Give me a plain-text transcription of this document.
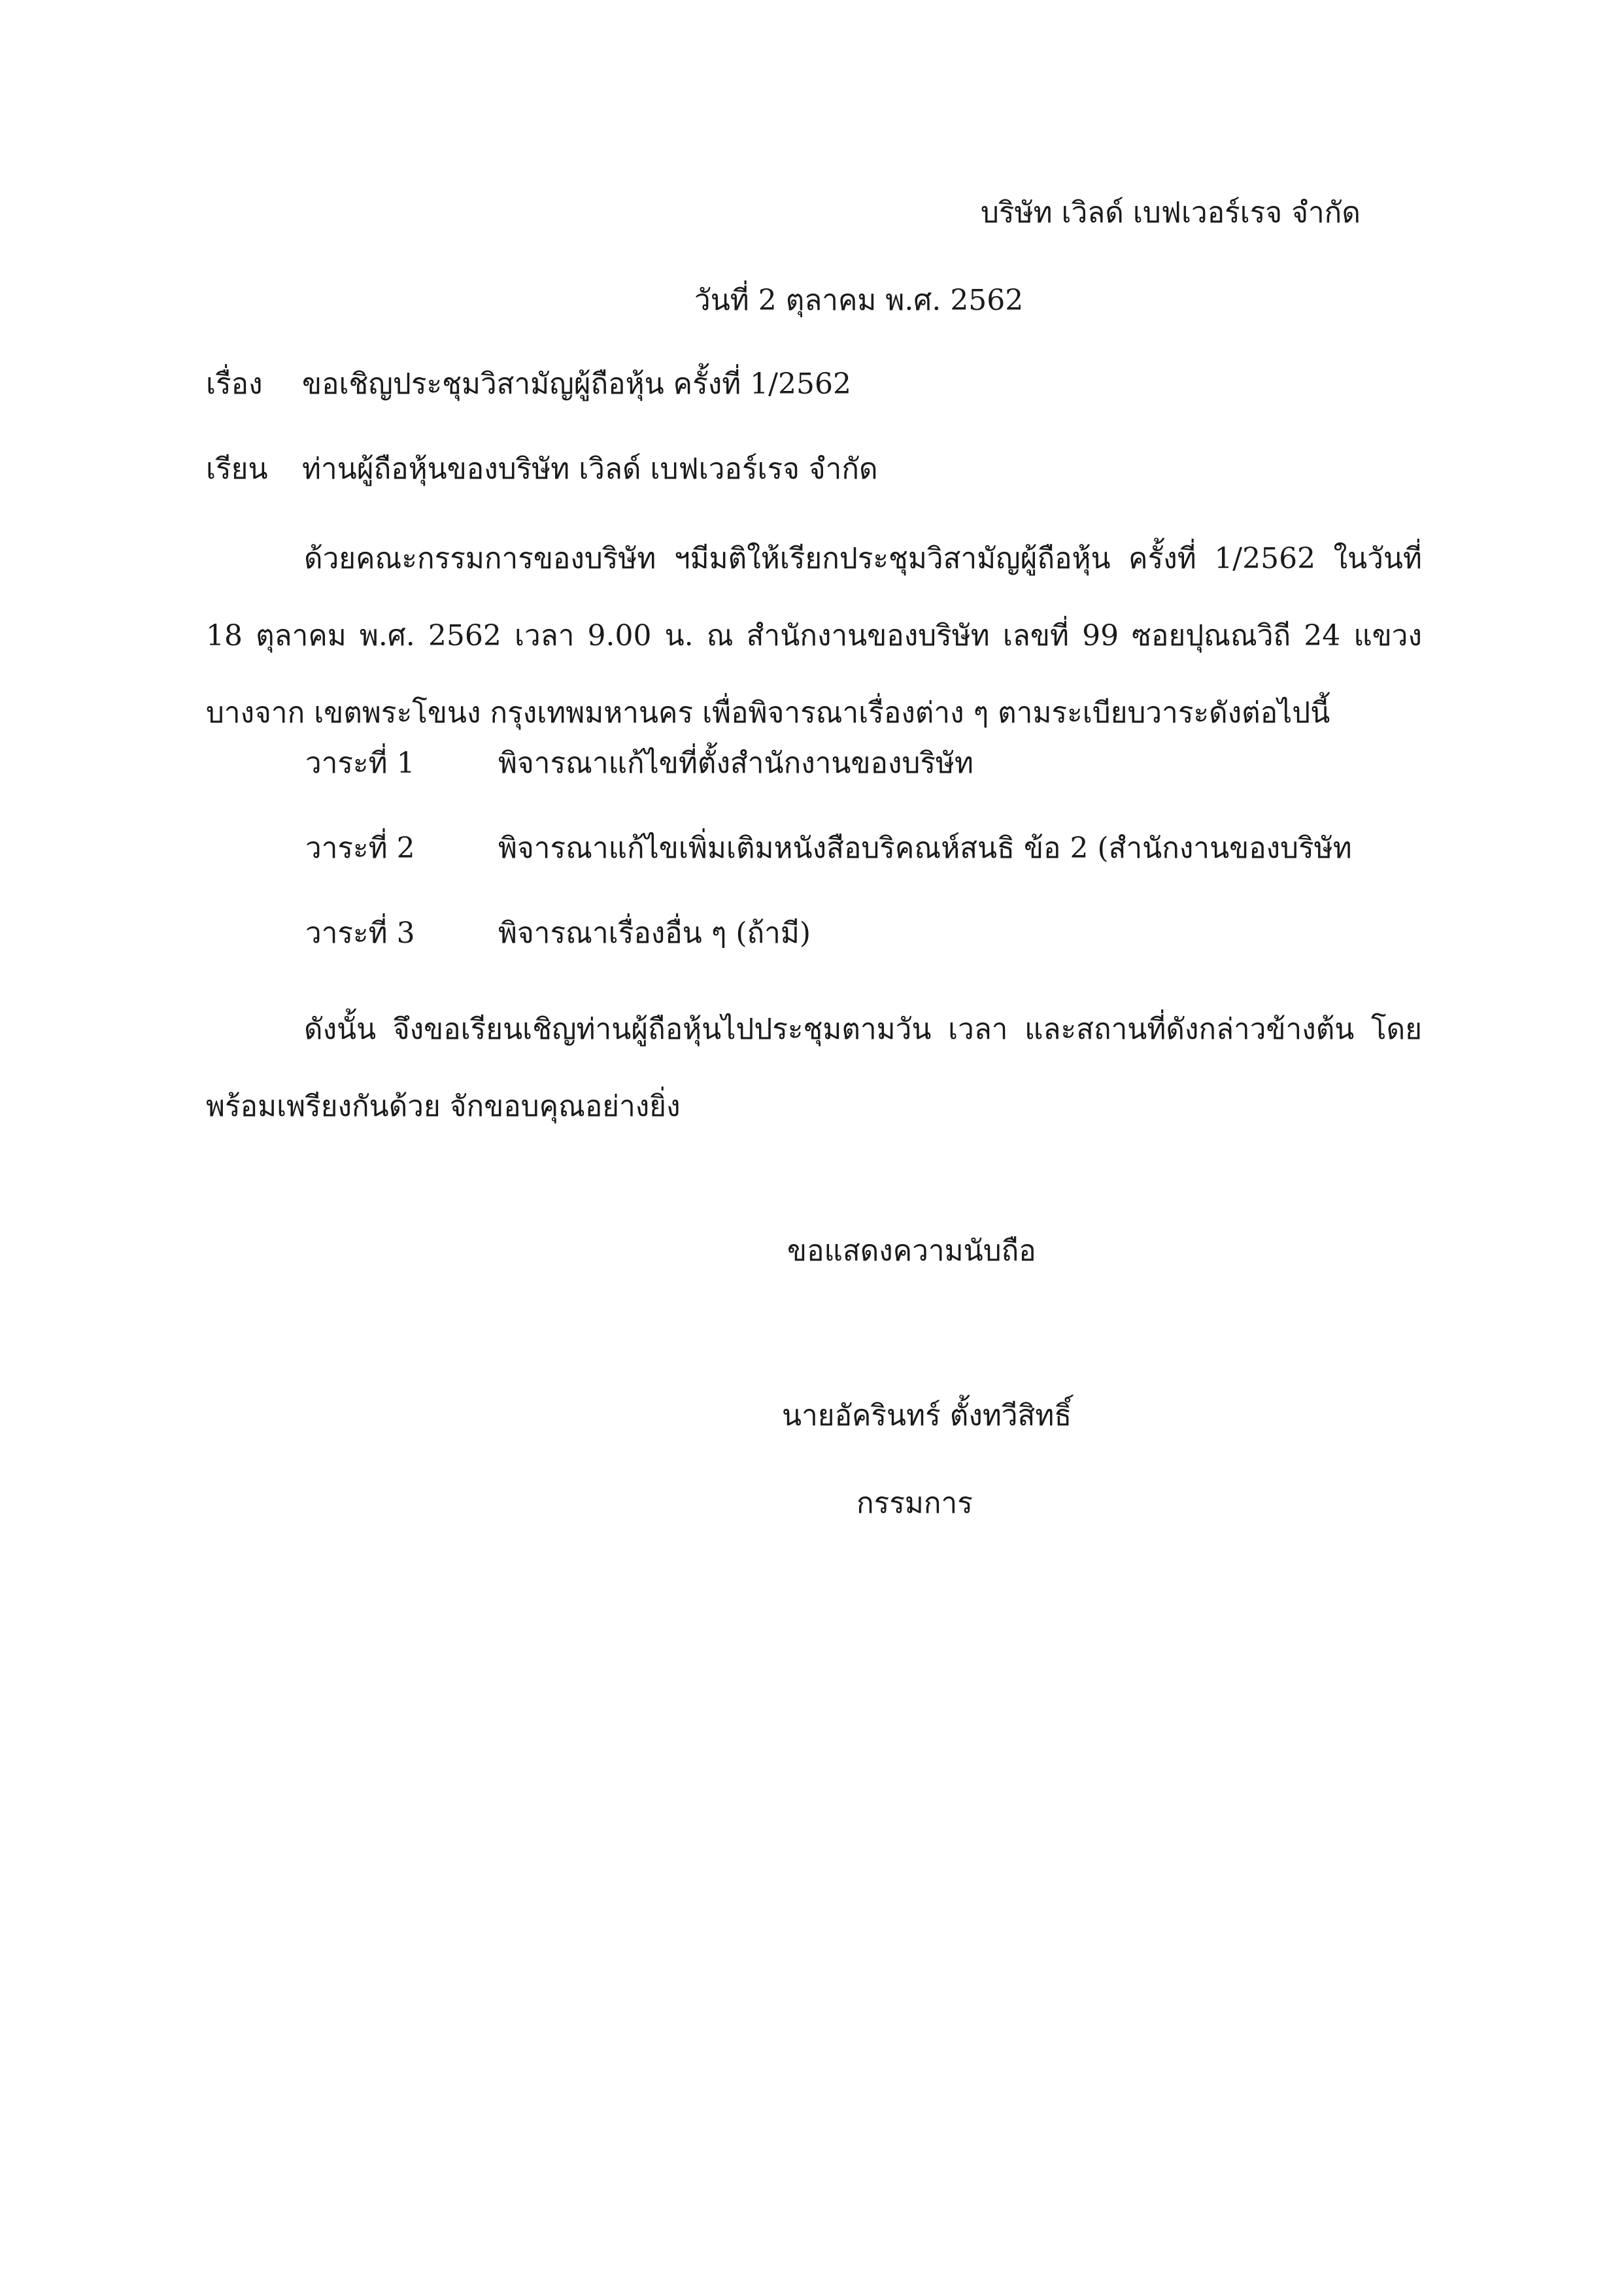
บริษัท เวิลด์ เบฟเวอร์เรจ จำกัด
วันที่ 2 ตุลาคม พ.ศ. 2562
เรื่อง ขอเชิญประชุมวิสามัญผู้ถือหุ้น ครั้งที่ 1/2562
เรียน ท่านผู้ถือหุ้นของบริษัท เวิลด์ เบฟเวอร์เรจ จำกัด
ด้วยคณะกรรมการของบริษัท ฯมีมติให้เรียกประชุมวิสามัญผู้ถือหุ้น ครั้งที่ 1/2562 ในวันที่ 18 ตุลาคม พ.ศ. 2562 เวลา 9.00 น. ณ สำนักงานของบริษัท เลขที่ 99 ซอยปุณณวิถี 24 แขวงบางจาก เขตพระโขนง กรุงเทพมหานคร เพื่อพิจารณาเรื่องต่าง ๆ ตามระเบียบวาระดังต่อไปนี้
วาระที่ 1	พิจารณาแก้ไขที่ตั้งสำนักงานของบริษัท
วาระที่ 2	พิจารณาแก้ไขเพิ่มเติมหนังสือบริคณห์สนธิ ข้อ 2 (สำนักงานของบริษัท
วาระที่ 3	พิจารณาเรื่องอื่น ๆ (ถ้ามี)
ดังนั้น จึงขอเรียนเชิญท่านผู้ถือหุ้นไปประชุมตามวัน เวลา และสถานที่ดังกล่าวข้างต้น โดยพร้อมเพรียงกันด้วย จักขอบคุณอย่างยิ่ง
ขอแสดงความนับถือ
นายอัครินทร์ ตั้งทวีสิทธิ์
กรรมการ
